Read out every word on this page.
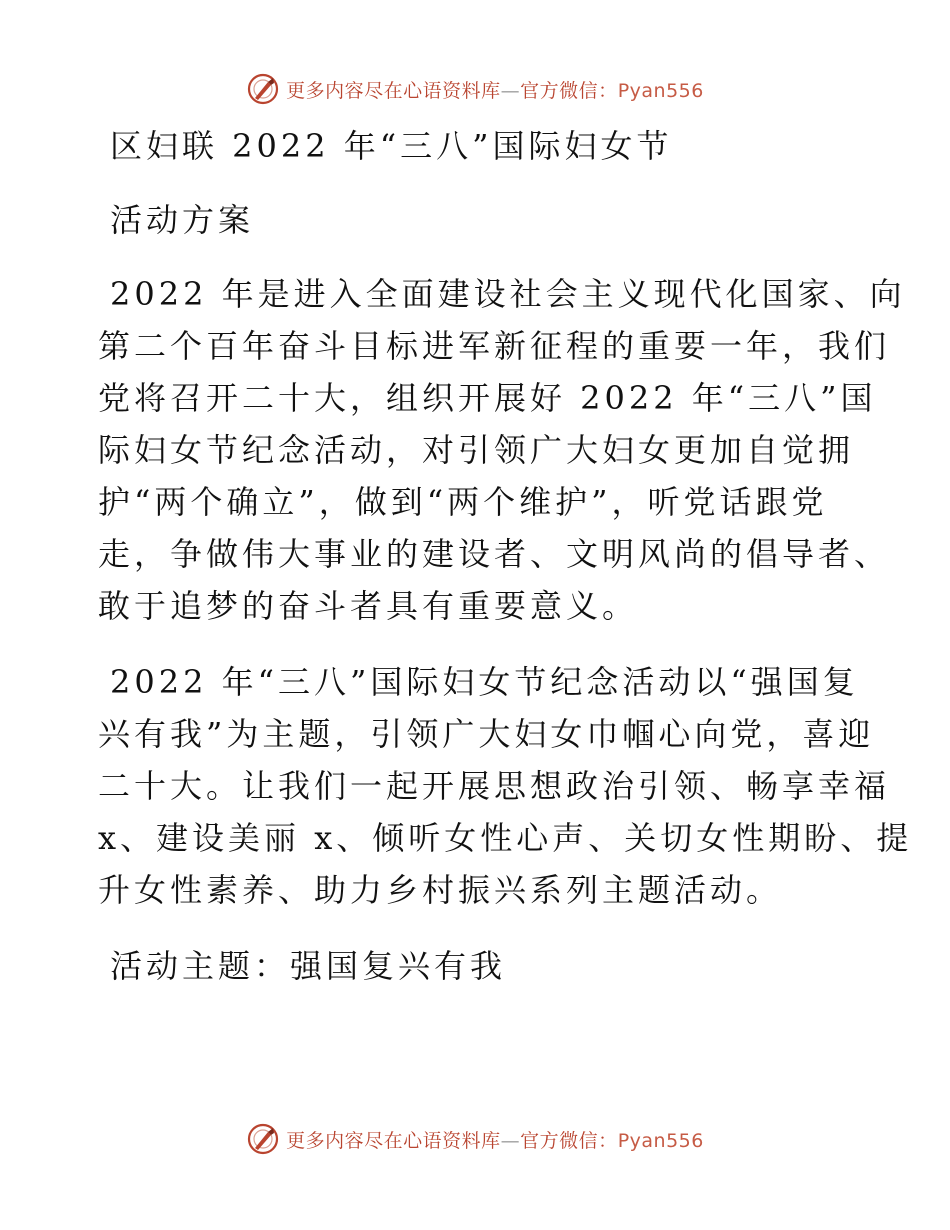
更多内容尽在心语资料库—官方微信：Pyan556
区妇联 2022 年“三八”国际妇女节
活动方案
2022 年是进入全面建设社会主义现代化国家、向
第二个百年奋斗目标进军新征程的重要一年，我们
党将召开二十大，组织开展好 2022 年“三八”国
际妇女节纪念活动，对引领广大妇女更加自觉拥
护“两个确立”，做到“两个维护”，听党话跟党
走，争做伟大事业的建设者、文明风尚的倡导者、
敢于追梦的奋斗者具有重要意义。
2022 年“三八”国际妇女节纪念活动以“强国复
兴有我”为主题，引领广大妇女巾帼心向党，喜迎
二十大。让我们一起开展思想政治引领、畅享幸福
x、建设美丽 x、倾听女性心声、关切女性期盼、提
升女性素养、助力乡村振兴系列主题活动。
活动主题：强国复兴有我
更多内容尽在心语资料库—官方微信：Pyan556
